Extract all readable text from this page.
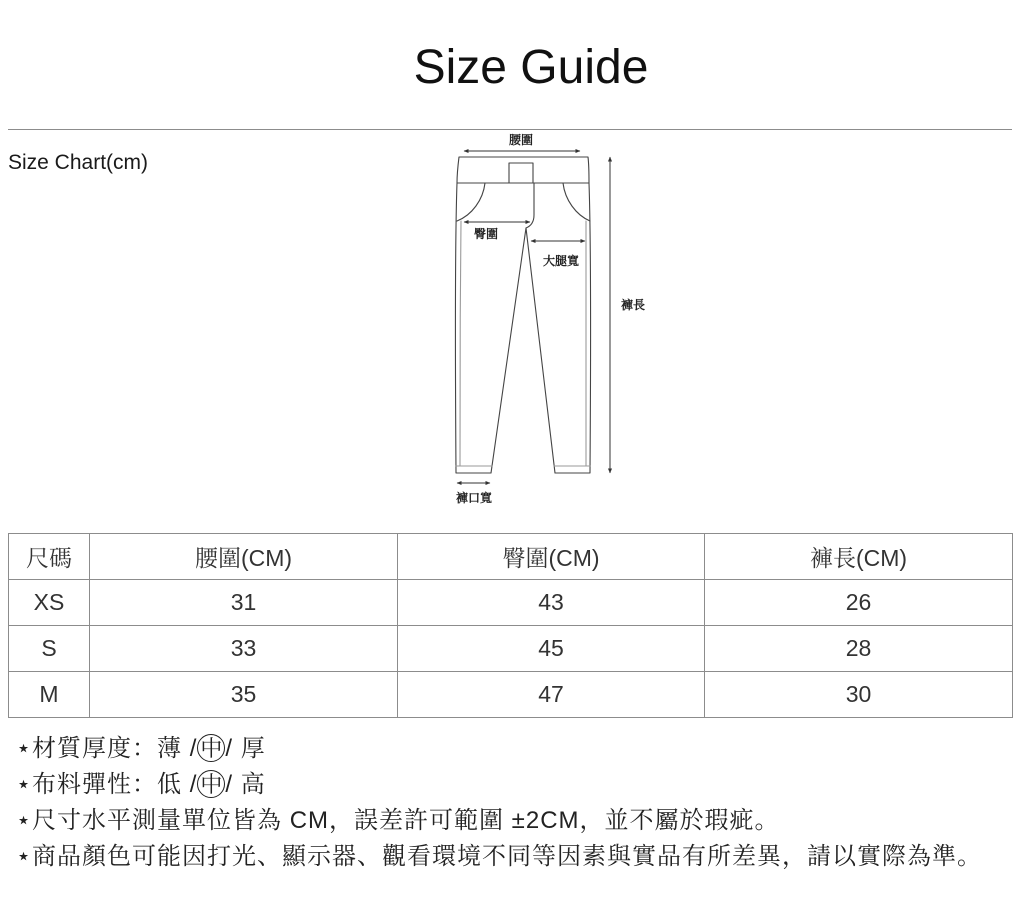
Size Guide
Size Chart(cm)
腰圍
臀圍
大腿寬
褲長
褲口寬
尺碼	腰圍(CM)	臀圍(CM)	褲長(CM)
XS	31	43	26
S	33	45	28
M	35	47	30
⋆材質厚度：薄 / 中 / 厚
⋆布料彈性：低 / 中 / 高
⋆尺寸水平測量單位皆為 CM，誤差許可範圍 ±2CM，並不屬於瑕疵。
⋆商品顏色可能因打光、顯示器、觀看環境不同等因素與實品有所差異，請以實際為準。
